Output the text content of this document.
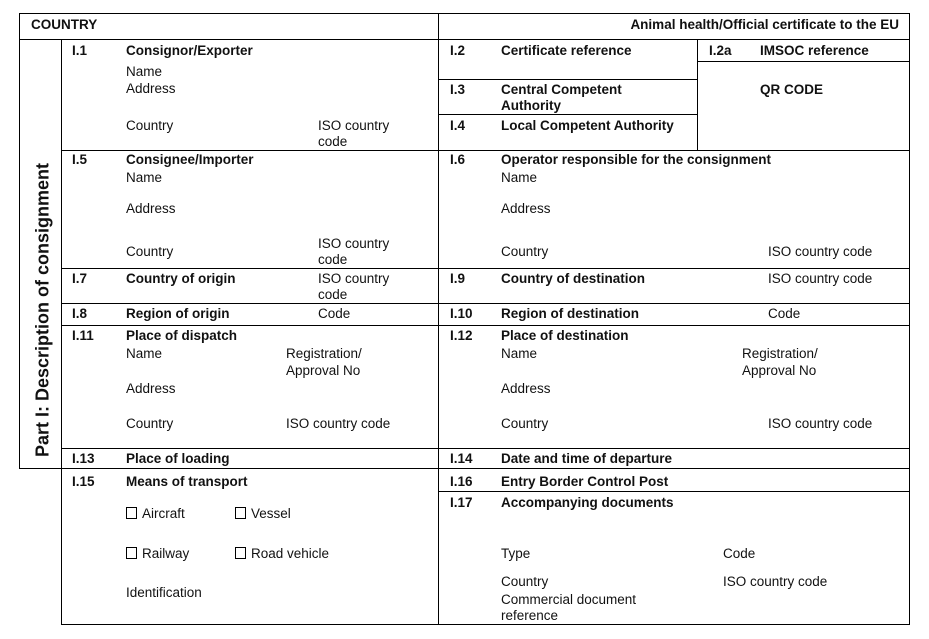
COUNTRY	Animal health/Official certificate to the EU
Part I: Description of consignment
I.1	Consignor/Exporter
Name
Address
Country	ISO country
code
I.2	Certificate reference	I.2a IMSOC reference
QR CODE
I.3	Central Competent
Authority
I.4	Local Competent Authority
I.5	Consignee/Importer
Name
Address
Country
ISO country
code
I.6	Operator responsible for the consignment
Name
Address
Country	ISO country code
I.7	Country of origin	ISO country
code
I.9	Country of destination	ISO country code
I.8	Region of origin	Code	I.10 Region of destination	Code
I.11 Place of dispatch
Name	Registration/
Approval No
Address
Country	ISO country code
I.12 Place of destination
Name	Registration/
Approval No
Address
Country	ISO country code
I.13 Place of loading	I.14 Date and time of departure
I.15 Means of transport
Aircraft	Vessel
Railway	Road vehicle
Identification
I.16 Entry Border Control Post
I.17 Accompanying documents
Type	Code
Country	ISO country code
Commercial document
reference
